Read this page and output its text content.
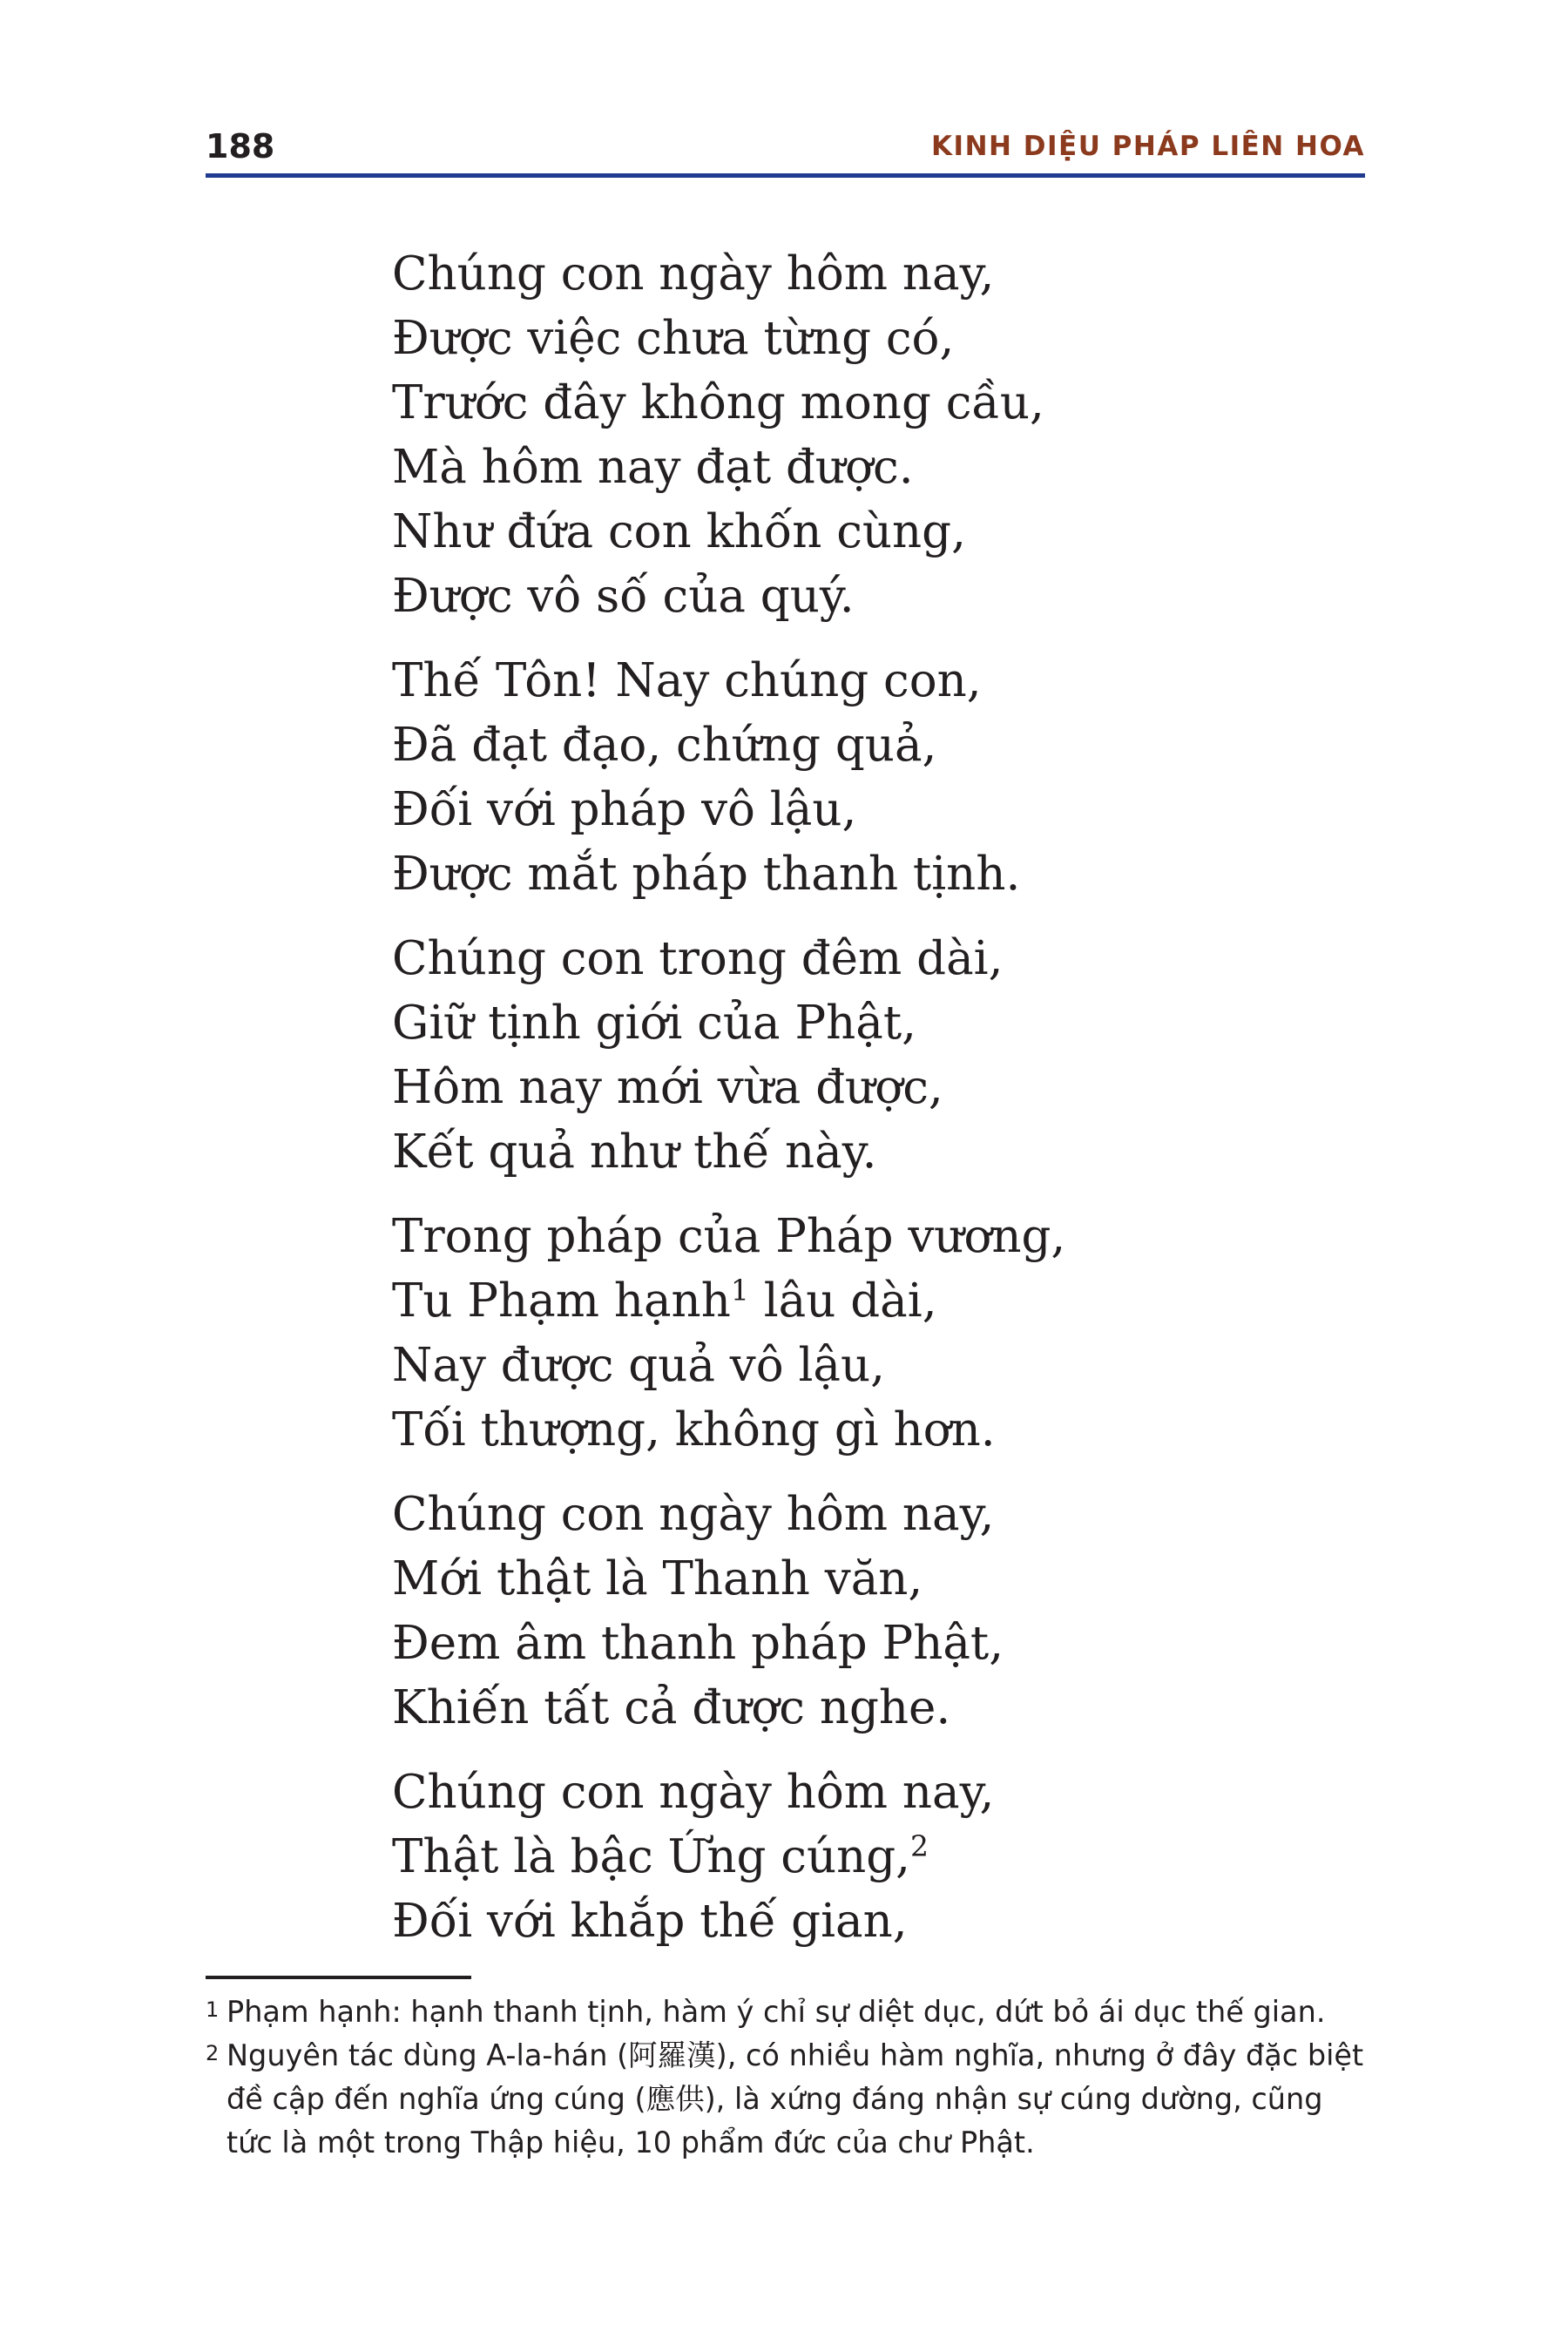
188	KINH DIỆU PHÁP LIÊN HOA
Chúng con ngày hôm nay,
Được việc chưa từng có,
Trước đây không mong cầu,
Mà hôm nay đạt được.
Như đứa con khốn cùng,
Được vô số của quý.
Thế Tôn! Nay chúng con,
Đã đạt đạo, chứng quả,
Đối với pháp vô lậu,
Được mắt pháp thanh tịnh.
Chúng con trong đêm dài,
Giữ tịnh giới của Phật,
Hôm nay mới vừa được,
Kết quả như thế này.
Trong pháp của Pháp vương,
Tu Phạm hạnh$^1$ lâu dài,
Nay được quả vô lậu,
Tối thượng, không gì hơn.
Chúng con ngày hôm nay,
Mới thật là Thanh văn,
Đem âm thanh pháp Phật,
Khiến tất cả được nghe.
Chúng con ngày hôm nay,
Thật là bậc Ứng cúng,$^2$
Đối với khắp thế gian,
1 Phạm hạnh: hạnh thanh tịnh, hàm ý chỉ sự diệt dục, dứt bỏ ái dục thế gian.
2 Nguyên tác dùng A-la-hán (阿羅漢), có nhiều hàm nghĩa, nhưng ở đây đặc biệt đề cập đến nghĩa ứng cúng (應供), là xứng đáng nhận sự cúng dường, cũng tức là một trong Thập hiệu, 10 phẩm đức của chư Phật.
